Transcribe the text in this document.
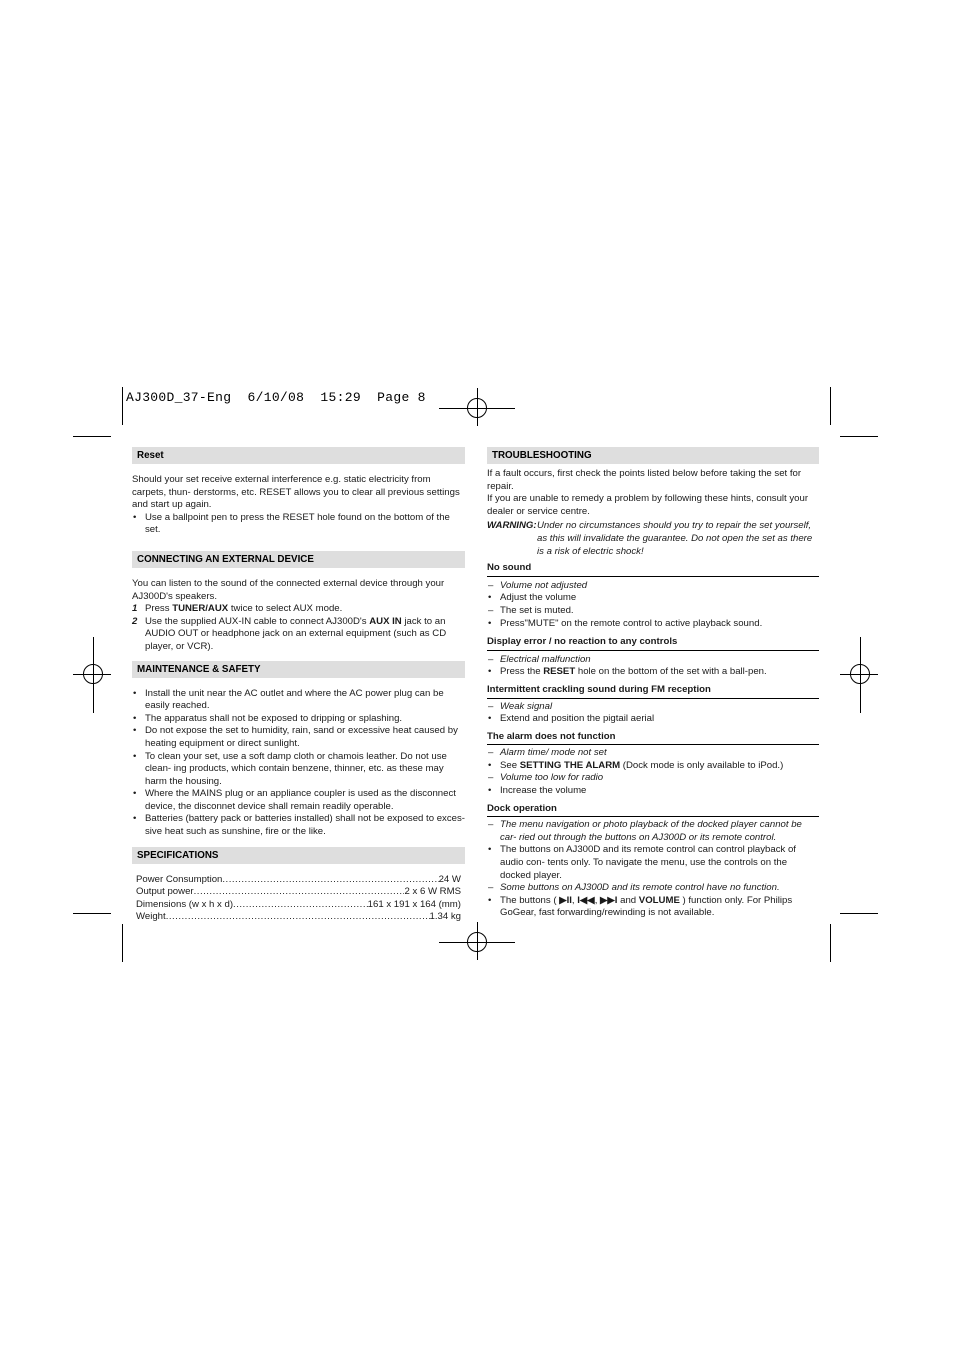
AJ300D_37-Eng  6/10/08  15:29  Page 8
Reset

Should your set receive external interference e.g. static electricity from carpets, thun- derstorms, etc. RESET allows you to clear all previous settings and start up again.

• Use a ballpoint pen to press the RESET hole found on the bottom of the set.
CONNECTING AN EXTERNAL DEVICE

You can listen to the sound of the connected external device through your AJ300D's speakers.

1 Press TUNER/AUX twice to select AUX mode.
2 Use the supplied AUX-IN cable to connect AJ300D's AUX IN jack to an AUDIO OUT or headphone jack on an external equipment (such as CD player, or VCR).
MAINTENANCE & SAFETY
• Install the unit near the AC outlet and where the AC power plug can be easily reached.
• The apparatus shall not be exposed to dripping or splashing.
• Do not expose the set to humidity, rain, sand or excessive heat caused by heating equipment or direct sunlight.
• To clean your set, use a soft damp cloth or chamois leather. Do not use clean- ing products, which contain benzene, thinner, etc. as these may harm the housing.
• Where the MAINS plug or an appliance coupler is used as the disconnect device, the disconnet device shall remain readily operable.
• Batteries (battery pack or batteries installed) shall not be exposed to exces- sive heat such as sunshine, fire or the like.
SPECIFICATIONS
Power Consumption .....	24 W
Output power .....	2 x 6 W RMS
Dimensions (w x h x d) .....	161 x 191 x 164 (mm)
Weight .....	1.34 kg
TROUBLESHOOTING

If a fault occurs, first check the points listed below before taking the set for repair.

If you are unable to remedy a problem by following these hints, consult your dealer or service centre.

WARNING: Under no circumstances should you try to repair the set yourself, as this will invalidate the guarantee. Do not open the set as there is a risk of electric shock!
No sound
– Volume not adjusted
• Adjust the volume
– The set is muted.
• Press"MUTE" on the remote control to active playback sound.
Display error / no reaction to any controls
– Electrical malfunction
• Press the RESET hole on the bottom of the set with a ball-pen.
Intermittent crackling sound during FM reception
– Weak signal
• Extend and position the pigtail aerial
The alarm does not function
– Alarm time/ mode not set
• See SETTING THE ALARM (Dock mode is only available to iPod.)
– Volume too low for radio
• Increase the volume
Dock operation
– The menu navigation or photo playback of the docked player cannot be car- ried out through the buttons on AJ300D or its remote control.
• The buttons on AJ300D and its remote control can control playback of audio con- tents only. To navigate the menu, use the controls on the docked player.
– Some buttons on AJ300D and its remote control have no function.
• The buttons ( ▶II, I◀◀, ▶▶I and VOLUME ) function only. For Philips GoGear, fast forwarding/rewinding is not available.
